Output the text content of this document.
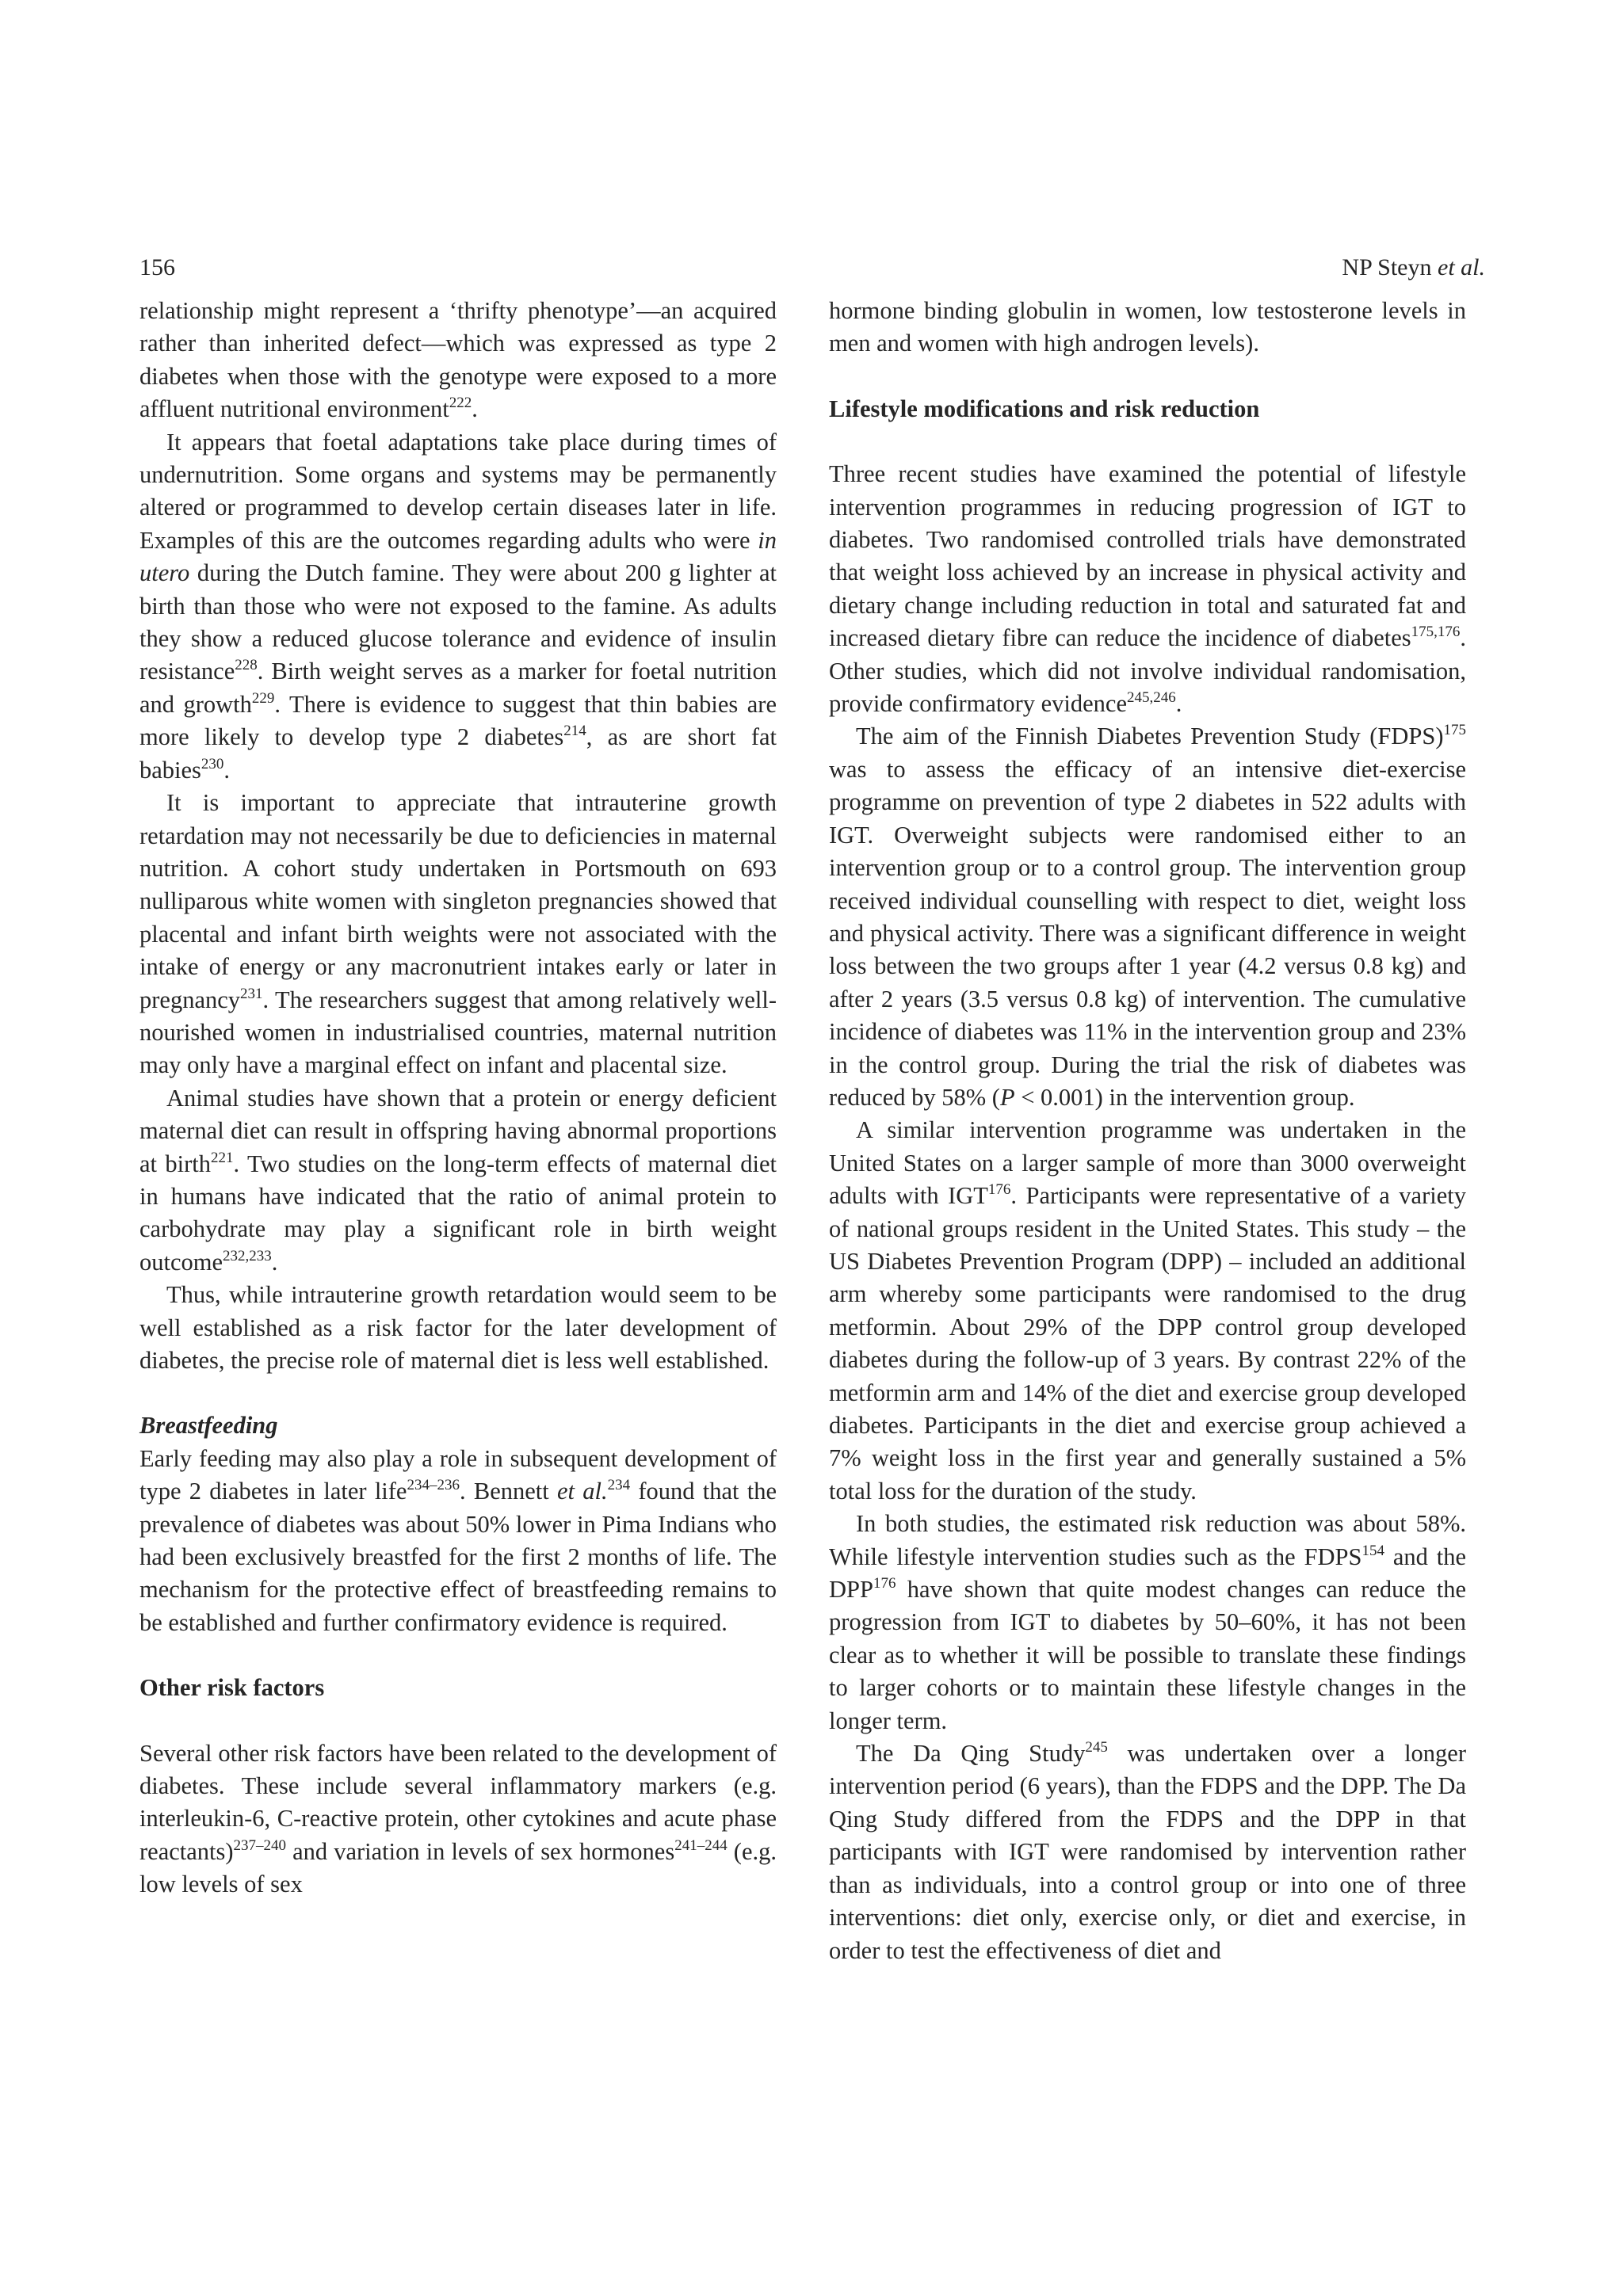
156	NP Steyn et al.

relationship might represent a ‘thrifty phenotype’—an acquired rather than inherited defect—which was expressed as type 2 diabetes when those with the genotype were exposed to a more affluent nutritional environment$^{222}$.

It appears that foetal adaptations take place during times of undernutrition. Some organs and systems may be permanently altered or programmed to develop certain diseases later in life. Examples of this are the outcomes regarding adults who were in utero during the Dutch famine. They were about 200 g lighter at birth than those who were not exposed to the famine. As adults they show a reduced glucose tolerance and evidence of insulin resistance$^{228}$. Birth weight serves as a marker for foetal nutrition and growth$^{229}$. There is evidence to suggest that thin babies are more likely to develop type 2 diabetes$^{214}$, as are short fat babies$^{230}$.

It is important to appreciate that intrauterine growth retardation may not necessarily be due to deficiencies in maternal nutrition. A cohort study undertaken in Portsmouth on 693 nulliparous white women with singleton pregnancies showed that placental and infant birth weights were not associated with the intake of energy or any macronutrient intakes early or later in pregnancy$^{231}$. The researchers suggest that among relatively well-nourished women in industrialised countries, maternal nutrition may only have a marginal effect on infant and placental size.

Animal studies have shown that a protein or energy deficient maternal diet can result in offspring having abnormal proportions at birth$^{221}$. Two studies on the long-term effects of maternal diet in humans have indicated that the ratio of animal protein to carbohydrate may play a significant role in birth weight outcome$^{232,233}$.

Thus, while intrauterine growth retardation would seem to be well established as a risk factor for the later development of diabetes, the precise role of maternal diet is less well established.

Breastfeeding

Early feeding may also play a role in subsequent development of type 2 diabetes in later life$^{234-236}$. Bennett et al.$^{234}$ found that the prevalence of diabetes was about 50% lower in Pima Indians who had been exclusively breastfed for the first 2 months of life. The mechanism for the protective effect of breastfeeding remains to be established and further confirmatory evidence is required.

Other risk factors

Several other risk factors have been related to the development of diabetes. These include several inflammatory markers (e.g. interleukin-6, C-reactive protein, other cytokines and acute phase reactants)$^{237-240}$ and variation in levels of sex hormones$^{241-244}$ (e.g. low levels of sex

hormone binding globulin in women, low testosterone levels in men and women with high androgen levels).

Lifestyle modifications and risk reduction

Three recent studies have examined the potential of lifestyle intervention programmes in reducing progression of IGT to diabetes. Two randomised controlled trials have demonstrated that weight loss achieved by an increase in physical activity and dietary change including reduction in total and saturated fat and increased dietary fibre can reduce the incidence of diabetes$^{175,176}$. Other studies, which did not involve individual randomisation, provide confirmatory evidence$^{245,246}$.

The aim of the Finnish Diabetes Prevention Study (FDPS)$^{175}$ was to assess the efficacy of an intensive diet-exercise programme on prevention of type 2 diabetes in 522 adults with IGT. Overweight subjects were randomised either to an intervention group or to a control group. The intervention group received individual counselling with respect to diet, weight loss and physical activity. There was a significant difference in weight loss between the two groups after 1 year (4.2 versus 0.8 kg) and after 2 years (3.5 versus 0.8 kg) of intervention. The cumulative incidence of diabetes was 11% in the intervention group and 23% in the control group. During the trial the risk of diabetes was reduced by 58% (P < 0.001) in the intervention group.

A similar intervention programme was undertaken in the United States on a larger sample of more than 3000 overweight adults with IGT$^{176}$. Participants were representative of a variety of national groups resident in the United States. This study – the US Diabetes Prevention Program (DPP) – included an additional arm whereby some participants were randomised to the drug metformin. About 29% of the DPP control group developed diabetes during the follow-up of 3 years. By contrast 22% of the metformin arm and 14% of the diet and exercise group developed diabetes. Participants in the diet and exercise group achieved a 7% weight loss in the first year and generally sustained a 5% total loss for the duration of the study.

In both studies, the estimated risk reduction was about 58%. While lifestyle intervention studies such as the FDPS$^{154}$ and the DPP$^{176}$ have shown that quite modest changes can reduce the progression from IGT to diabetes by 50–60%, it has not been clear as to whether it will be possible to translate these findings to larger cohorts or to maintain these lifestyle changes in the longer term.

The Da Qing Study$^{245}$ was undertaken over a longer intervention period (6 years), than the FDPS and the DPP. The Da Qing Study differed from the FDPS and the DPP in that participants with IGT were randomised by intervention rather than as individuals, into a control group or into one of three interventions: diet only, exercise only, or diet and exercise, in order to test the effectiveness of diet and
